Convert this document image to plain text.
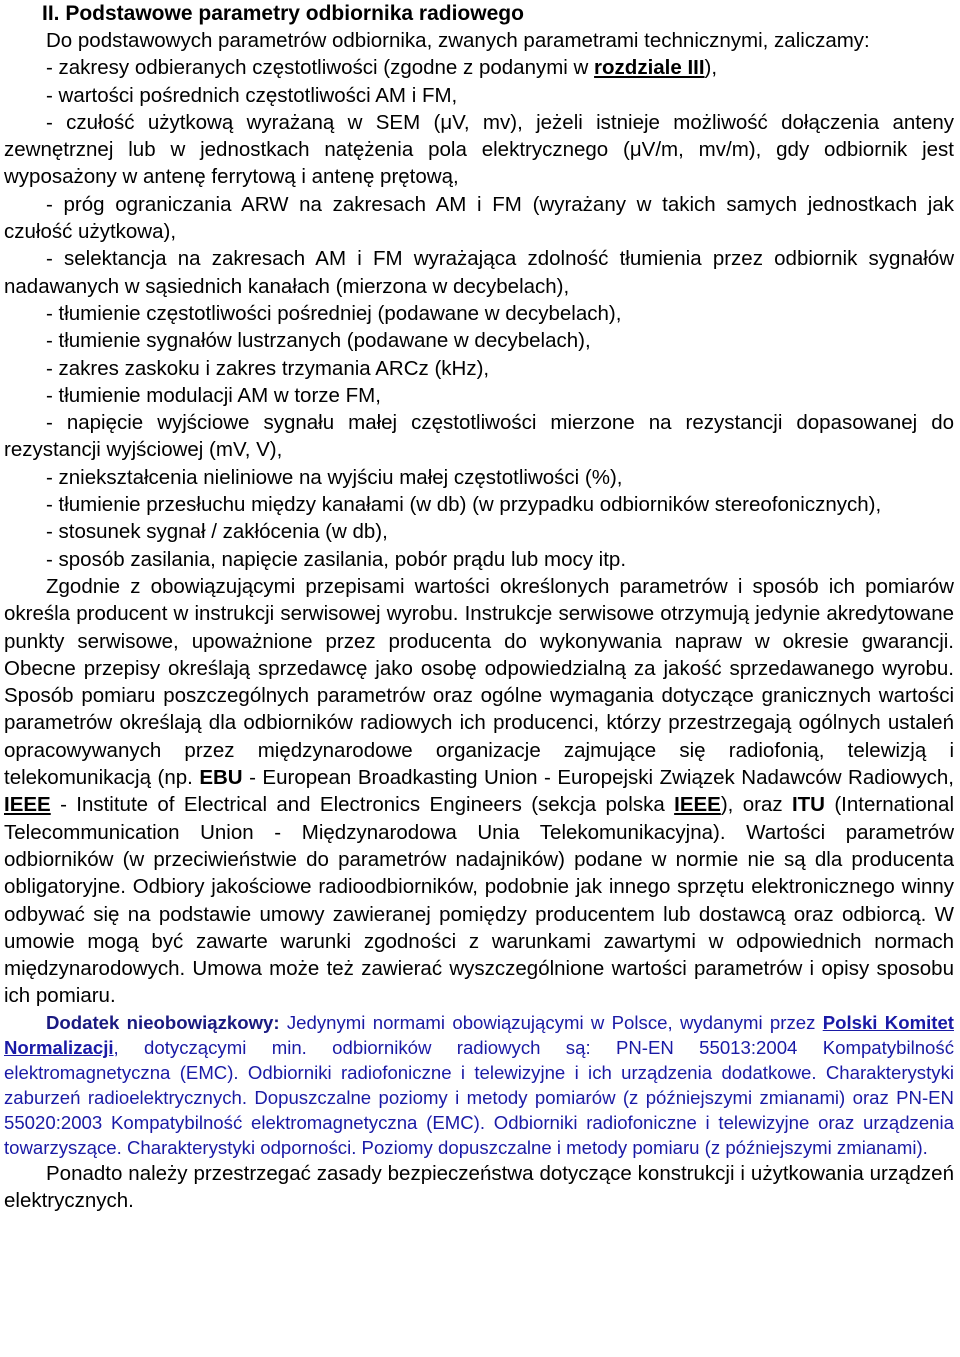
II. Podstawowe parametry odbiornika radiowego

Do podstawowych parametrów odbiornika, zwanych parametrami technicznymi, zaliczamy:

- zakresy odbieranych częstotliwości (zgodne z podanymi w rozdziale III),

- wartości pośrednich częstotliwości AM i FM,

- czułość użytkową wyrażaną w SEM (μV, mv), jeżeli istnieje możliwość dołączenia anteny zewnętrznej lub w jednostkach natężenia pola elektrycznego (μV/m, mv/m), gdy odbiornik jest wyposażony w antenę ferrytową i antenę prętową,

- próg ograniczania ARW na zakresach AM i FM (wyrażany w takich samych jednostkach jak czułość użytkowa),

- selektancja na zakresach AM i FM wyrażająca zdolność tłumienia przez odbiornik sygnałów nadawanych w sąsiednich kanałach (mierzona w decybelach),

- tłumienie częstotliwości pośredniej (podawane w decybelach),

- tłumienie sygnałów lustrzanych (podawane w decybelach),

- zakres zaskoku i zakres trzymania ARCz (kHz),

- tłumienie modulacji AM w torze FM,

- napięcie wyjściowe sygnału małej częstotliwości mierzone na rezystancji dopasowanej do rezystancji wyjściowej (mV, V),

- zniekształcenia nieliniowe na wyjściu małej częstotliwości (%),

- tłumienie przesłuchu między kanałami (w db) (w przypadku odbiorników stereofonicznych),

- stosunek sygnał / zakłócenia (w db),

- sposób zasilania, napięcie zasilania, pobór prądu lub mocy itp.

Zgodnie z obowiązującymi przepisami wartości określonych parametrów i sposób ich pomiarów określa producent w instrukcji serwisowej wyrobu. Instrukcje serwisowe otrzymują jedynie akredytowane punkty serwisowe, upoważnione przez producenta do wykonywania napraw w okresie gwarancji. Obecne przepisy określają sprzedawcę jako osobę odpowiedzialną za jakość sprzedawanego wyrobu. Sposób pomiaru poszczególnych parametrów oraz ogólne wymagania dotyczące granicznych wartości parametrów określają dla odbiorników radiowych ich producenci, którzy przestrzegają ogólnych ustaleń opracowywanych przez międzynarodowe organizacje zajmujące się radiofonią, telewizją i telekomunikacją (np. EBU - European Broadkasting Union - Europejski Związek Nadawców Radiowych, IEEE - Institute of Electrical and Electronics Engineers (sekcja polska IEEE), oraz ITU (International Telecommunication Union - Międzynarodowa Unia Telekomunikacyjna). Wartości parametrów odbiorników (w przeciwieństwie do parametrów nadajników) podane w normie nie są dla producenta obligatoryjne. Odbiory jakościowe radioodbiorników, podobnie jak innego sprzętu elektronicznego winny odbywać się na podstawie umowy zawieranej pomiędzy producentem lub dostawcą oraz odbiorcą. W umowie mogą być zawarte warunki zgodności z warunkami zawartymi w odpowiednich normach międzynarodowych. Umowa może też zawierać wyszczególnione wartości parametrów i opisy sposobu ich pomiaru.

Dodatek nieobowiązkowy: Jedynymi normami obowiązującymi w Polsce, wydanymi przez Polski Komitet Normalizacji, dotyczącymi min. odbiorników radiowych są: PN-EN 55013:2004 Kompatybilność elektromagnetyczna (EMC). Odbiorniki radiofoniczne i telewizyjne i ich urządzenia dodatkowe. Charakterystyki zaburzeń radioelektrycznych. Dopuszczalne poziomy i metody pomiarów (z późniejszymi zmianami) oraz PN-EN 55020:2003 Kompatybilność elektromagnetyczna (EMC). Odbiorniki radiofoniczne i telewizyjne oraz urządzenia towarzyszące. Charakterystyki odporności. Poziomy dopuszczalne i metody pomiaru (z późniejszymi zmianami).

Ponadto należy przestrzegać zasady bezpieczeństwa dotyczące konstrukcji i użytkowania urządzeń elektrycznych.
